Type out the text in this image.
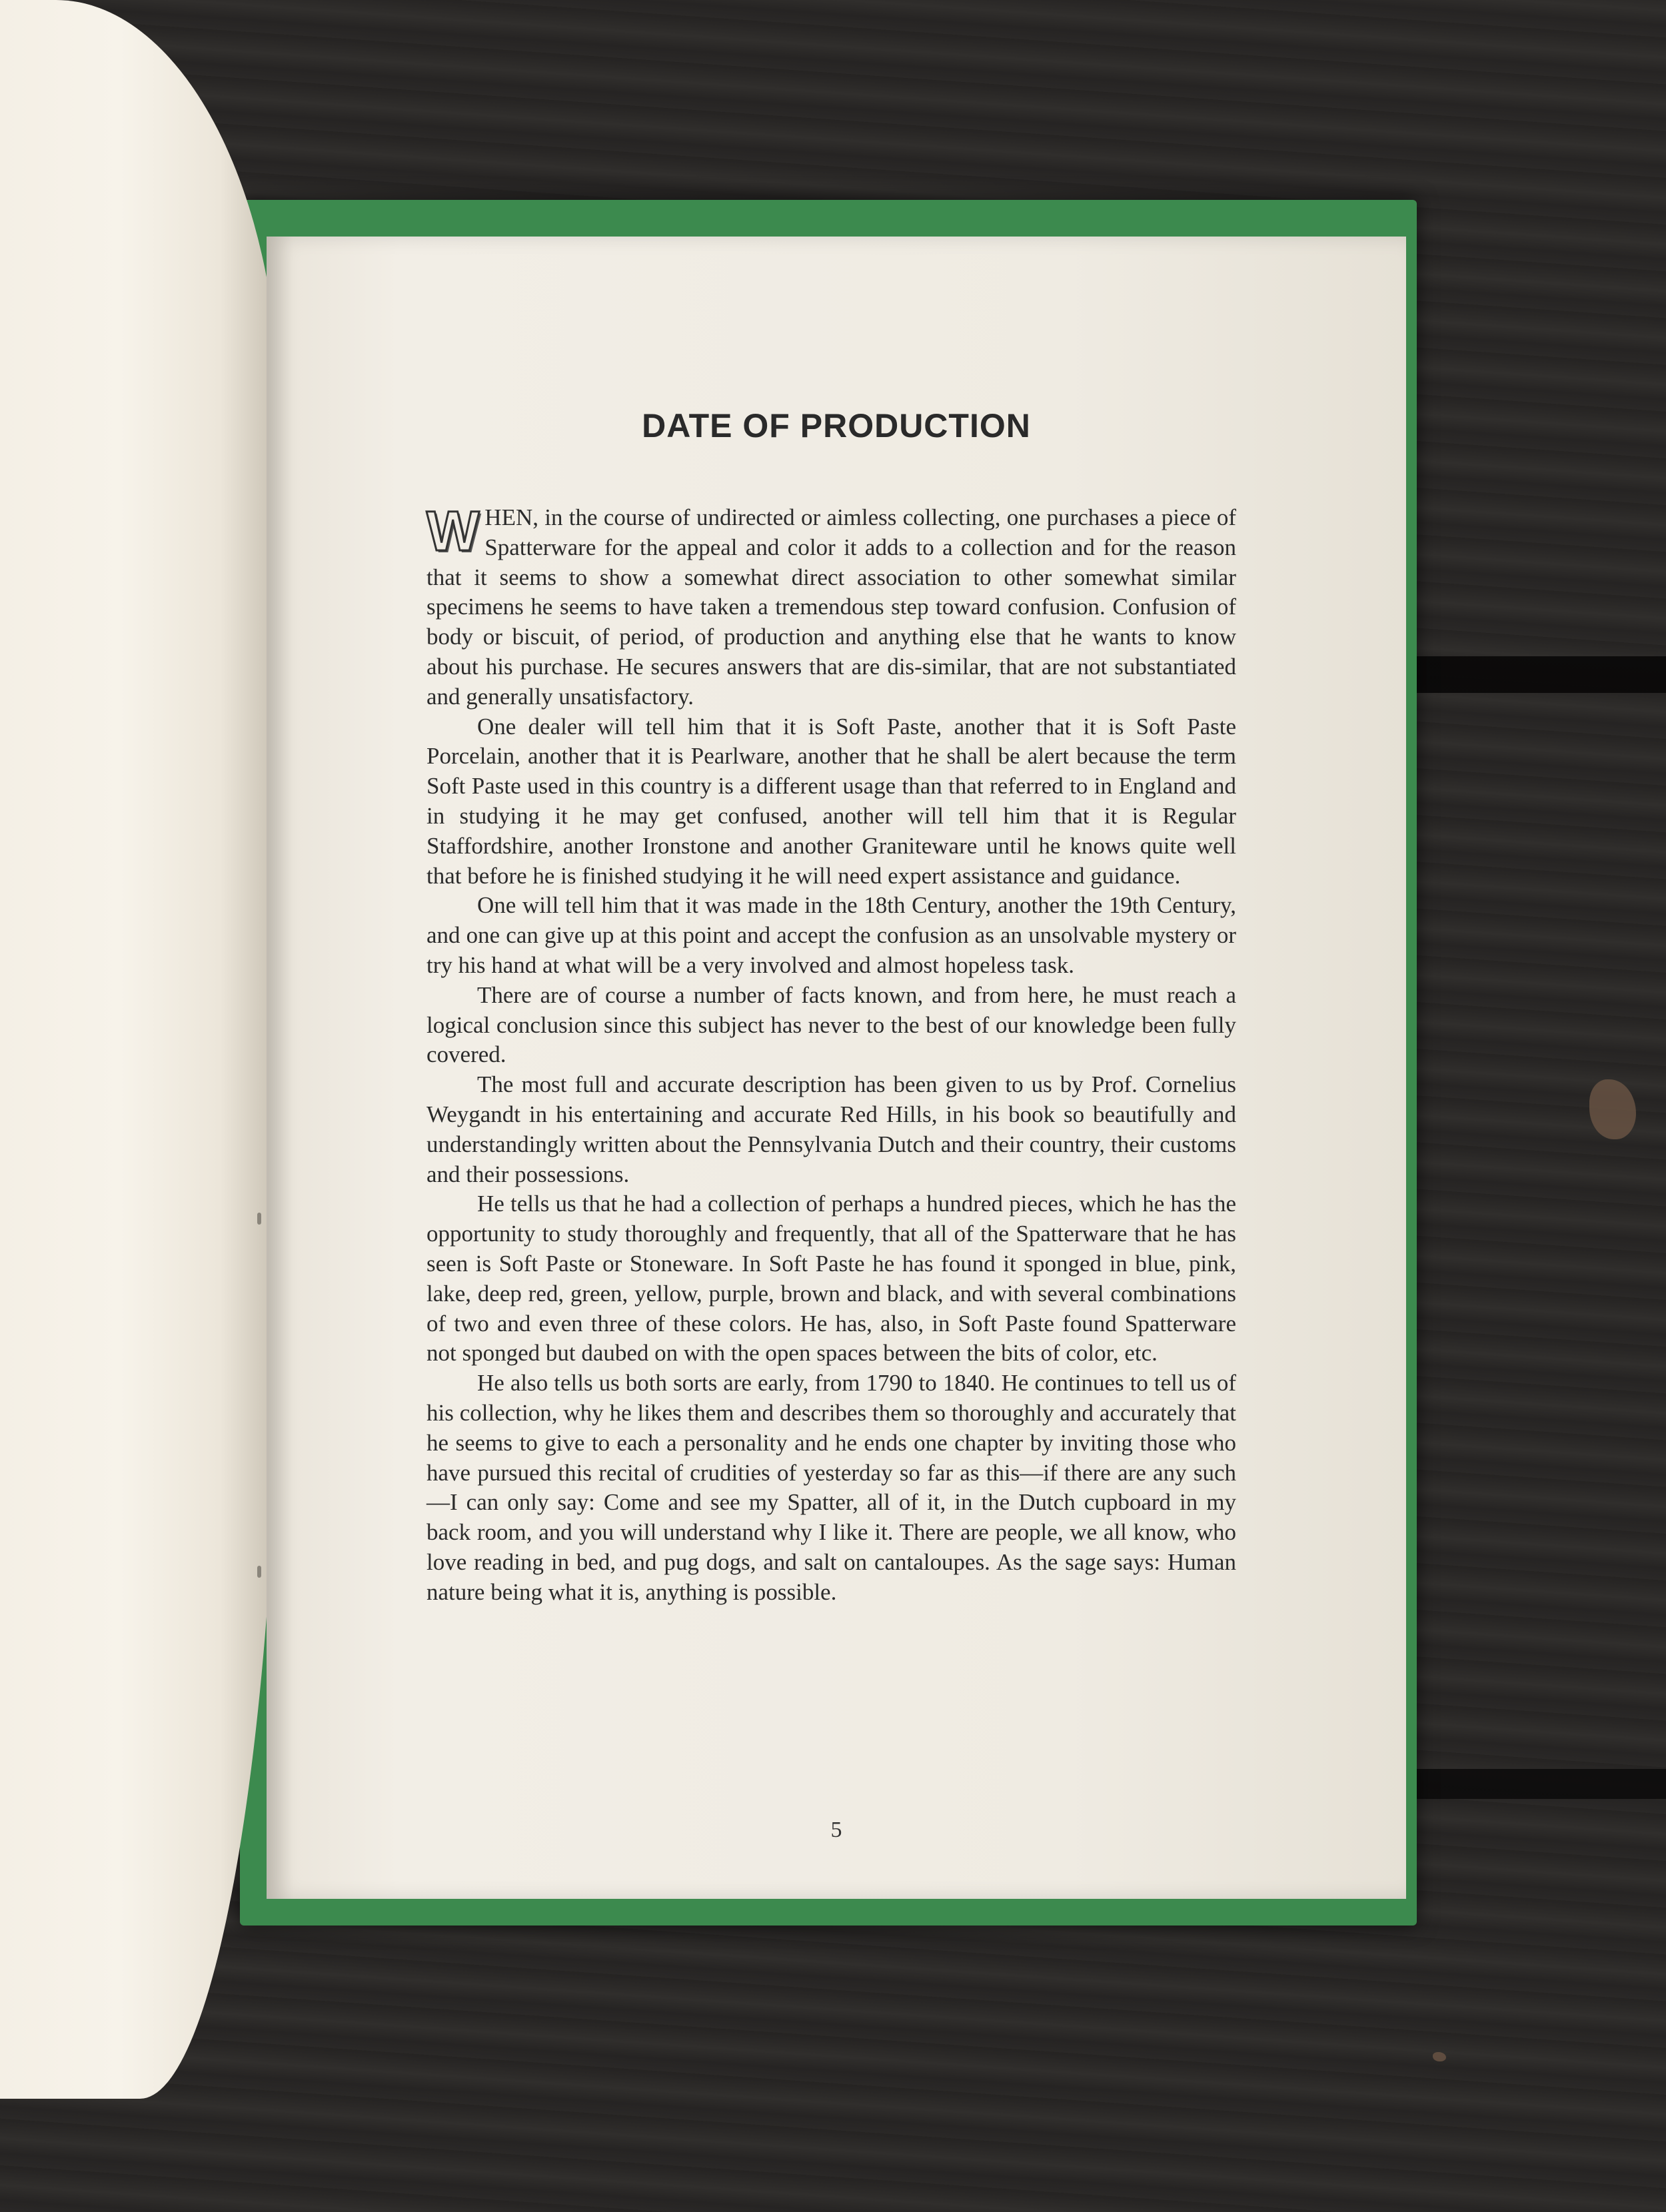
DATE OF PRODUCTION

WHEN, in the course of undirected or aimless collecting, one purchases a piece of Spatterware for the appeal and color it adds to a collection and for the reason that it seems to show a somewhat direct association to other somewhat similar specimens he seems to have taken a tremendous step toward confusion. Confusion of body or biscuit, of period, of production and anything else that he wants to know about his purchase. He secures answers that are dis-similar, that are not substantiated and generally unsatisfactory.

One dealer will tell him that it is Soft Paste, another that it is Soft Paste Porcelain, another that it is Pearlware, another that he shall be alert because the term Soft Paste used in this country is a different usage than that referred to in England and in studying it he may get confused, another will tell him that it is Regular Staffordshire, another Ironstone and another Graniteware until he knows quite well that before he is finished studying it he will need expert assistance and guidance.

One will tell him that it was made in the 18th Century, another the 19th Century, and one can give up at this point and accept the confusion as an unsolvable mystery or try his hand at what will be a very involved and almost hopeless task.

There are of course a number of facts known, and from here, he must reach a logical conclusion since this subject has never to the best of our knowledge been fully covered.

The most full and accurate description has been given to us by Prof. Cornelius Weygandt in his entertaining and accurate Red Hills, in his book so beautifully and understandingly written about the Pennsylvania Dutch and their country, their customs and their possessions.

He tells us that he had a collection of perhaps a hundred pieces, which he has the opportunity to study thoroughly and frequently, that all of the Spatterware that he has seen is Soft Paste or Stoneware. In Soft Paste he has found it sponged in blue, pink, lake, deep red, green, yellow, purple, brown and black, and with several combinations of two and even three of these colors. He has, also, in Soft Paste found Spatterware not sponged but daubed on with the open spaces between the bits of color, etc.

He also tells us both sorts are early, from 1790 to 1840. He continues to tell us of his collection, why he likes them and describes them so thoroughly and accurately that he seems to give to each a personality and he ends one chapter by inviting those who have pursued this recital of crudities of yesterday so far as this—if there are any such—I can only say: Come and see my Spatter, all of it, in the Dutch cupboard in my back room, and you will understand why I like it. There are people, we all know, who love reading in bed, and pug dogs, and salt on cantaloupes. As the sage says: Human nature being what it is, anything is possible.

5
